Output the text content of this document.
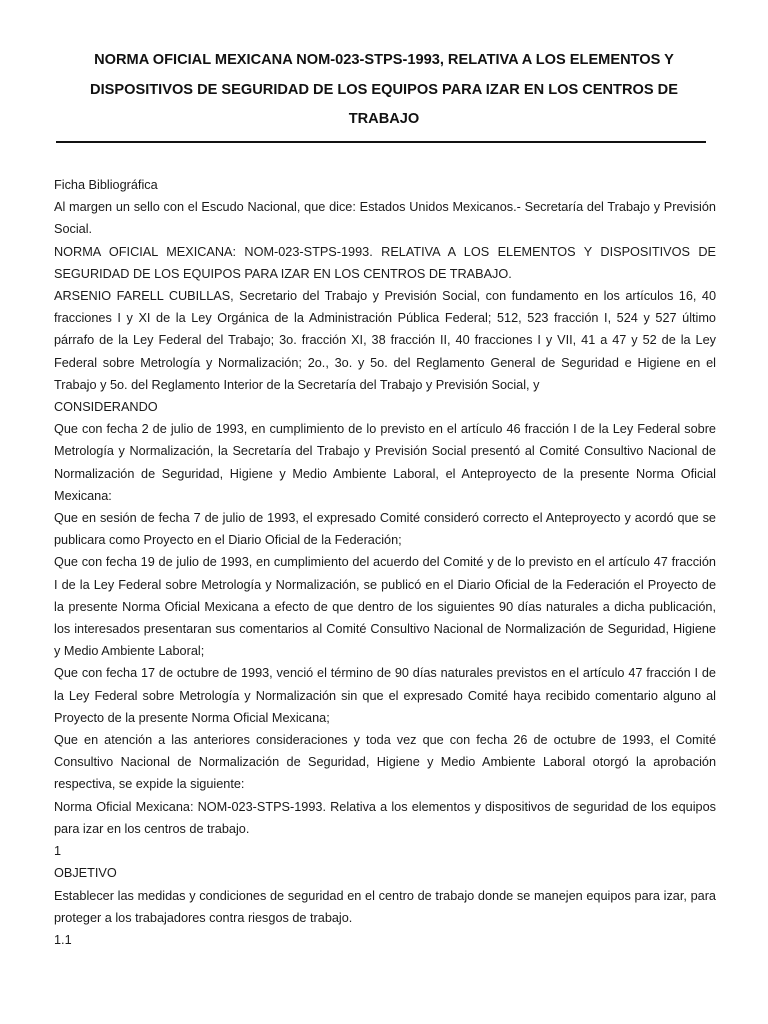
NORMA OFICIAL MEXICANA NOM-023-STPS-1993, RELATIVA A LOS ELEMENTOS Y DISPOSITIVOS DE SEGURIDAD DE LOS EQUIPOS PARA IZAR EN LOS CENTROS DE TRABAJO

Ficha Bibliográfica

Al margen un sello con el Escudo Nacional, que dice: Estados Unidos Mexicanos.- Secretaría del Trabajo y Previsión Social.

NORMA OFICIAL MEXICANA: NOM-023-STPS-1993. RELATIVA A LOS ELEMENTOS Y DISPOSITIVOS DE SEGURIDAD DE LOS EQUIPOS PARA IZAR EN LOS CENTROS DE TRABAJO.

ARSENIO FARELL CUBILLAS, Secretario del Trabajo y Previsión Social, con fundamento en los artículos 16, 40 fracciones I y XI de la Ley Orgánica de la Administración Pública Federal; 512, 523 fracción I, 524 y 527 último párrafo de la Ley Federal del Trabajo; 3o. fracción XI, 38 fracción II, 40 fracciones I y VII, 41 a 47 y 52 de la Ley Federal sobre Metrología y Normalización; 2o., 3o. y 5o. del Reglamento General de Seguridad e Higiene en el Trabajo y 5o. del Reglamento Interior de la Secretaría del Trabajo y Previsión Social, y

CONSIDERANDO

Que con fecha 2 de julio de 1993, en cumplimiento de lo previsto en el artículo 46 fracción I de la Ley Federal sobre Metrología y Normalización, la Secretaría del Trabajo y Previsión Social presentó al Comité Consultivo Nacional de Normalización de Seguridad, Higiene y Medio Ambiente Laboral, el Anteproyecto de la presente Norma Oficial Mexicana:

Que en sesión de fecha 7 de julio de 1993, el expresado Comité consideró correcto el Anteproyecto y acordó que se publicara como Proyecto en el Diario Oficial de la Federación;

Que con fecha 19 de julio de 1993, en cumplimiento del acuerdo del Comité y de lo previsto en el artículo 47 fracción I de la Ley Federal sobre Metrología y Normalización, se publicó en el Diario Oficial de la Federación el Proyecto de la presente Norma Oficial Mexicana a efecto de que dentro de los siguientes 90 días naturales a dicha publicación, los interesados presentaran sus comentarios al Comité Consultivo Nacional de Normalización de Seguridad, Higiene y Medio Ambiente Laboral;

Que con fecha 17 de octubre de 1993, venció el término de 90 días naturales previstos en el artículo 47 fracción I de la Ley Federal sobre Metrología y Normalización sin que el expresado Comité haya recibido comentario alguno al Proyecto de la presente Norma Oficial Mexicana;

Que en atención a las anteriores consideraciones y toda vez que con fecha 26 de octubre de 1993, el Comité Consultivo Nacional de Normalización de Seguridad, Higiene y Medio Ambiente Laboral otorgó la aprobación respectiva, se expide la siguiente:

Norma Oficial Mexicana: NOM-023-STPS-1993. Relativa a los elementos y dispositivos de seguridad de los equipos para izar en los centros de trabajo.

1

OBJETIVO

Establecer las medidas y condiciones de seguridad en el centro de trabajo donde se manejen equipos para izar, para proteger a los trabajadores contra riesgos de trabajo.

1.1
